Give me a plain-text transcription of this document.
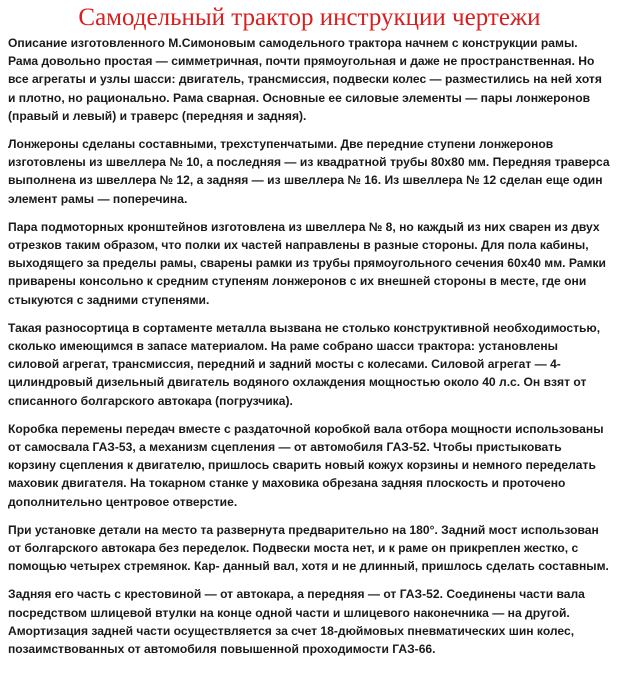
Самодельный трактор инструкции чертежи

Описание изготовленного М.Симоновым самодельного трактора начнем с конструкции рамы. Рама довольно простая — симметричная, почти прямоугольная и даже не пространственная. Но все агрегаты и узлы шасси: двигатель, трансмиссия, подвески колес — разместились на ней хотя и плотно, но рационально. Рама сварная. Основные ее силовые элементы — пары лонжеронов (правый и левый) и траверс (передняя и задняя).

Лонжероны сделаны составными, трехступенчатыми. Две передние ступени лонжеронов изготовлены из швеллера № 10, а последняя — из квадратной трубы 80x80 мм. Передняя траверса выполнена из швеллера № 12, а задняя — из швеллера № 16. Из швеллера № 12 сделан еще один элемент рамы — поперечина.

Пара подмоторных кронштейнов изготовлена из швеллера № 8, но каждый из них сварен из двух отрезков таким образом, что полки их частей направлены в разные стороны. Для пола кабины, выходящего за пределы рамы, сварены рамки из трубы прямоугольного сечения 60x40 мм. Рамки приварены консольно к средним ступеням лонжеронов с их внешней стороны в месте, где они стыкуются с задними ступенями.

Такая разносортица в сортаменте металла вызвана не столько конструктивной необходимостью, сколько имеющимся в запасе материалом. На раме собрано шасси трактора: установлены силовой агрегат, трансмиссия, передний и задний мосты с колесами. Силовой агрегат — 4-цилиндровый дизельный двигатель водяного охлаждения мощностью около 40 л.с. Он взят от списанного болгарского автокара (погрузчика).

Коробка перемены передач вместе с раздаточной коробкой вала отбора мощности использованы от самосвала ГАЗ-53, а механизм сцепления — от автомобиля ГАЗ-52. Чтобы пристыковать корзину сцепления к двигателю, пришлось сварить новый кожух корзины и немного переделать маховик двигателя. На токарном станке у маховика обрезана задняя плоскость и проточено дополнительно центровое отверстие.

При установке детали на место та развернута предварительно на 180°. Задний мост использован от болгарского автокара без переделок. Подвески моста нет, и к раме он прикреплен жестко, с помощью четырех стремянок. Кар- данный вал, хотя и не длинный, пришлось сделать составным.

Задняя его часть с крестовиной — от автокара, а передняя — от ГАЗ-52. Соединены части вала посредством шлицевой втулки на конце одной части и шлицевого наконечника — на другой. Амортизация задней части осуществляется за счет 18-дюймовых пневматических шин колес, позаимствованных от автомобиля повышенной проходимости ГАЗ-66.
